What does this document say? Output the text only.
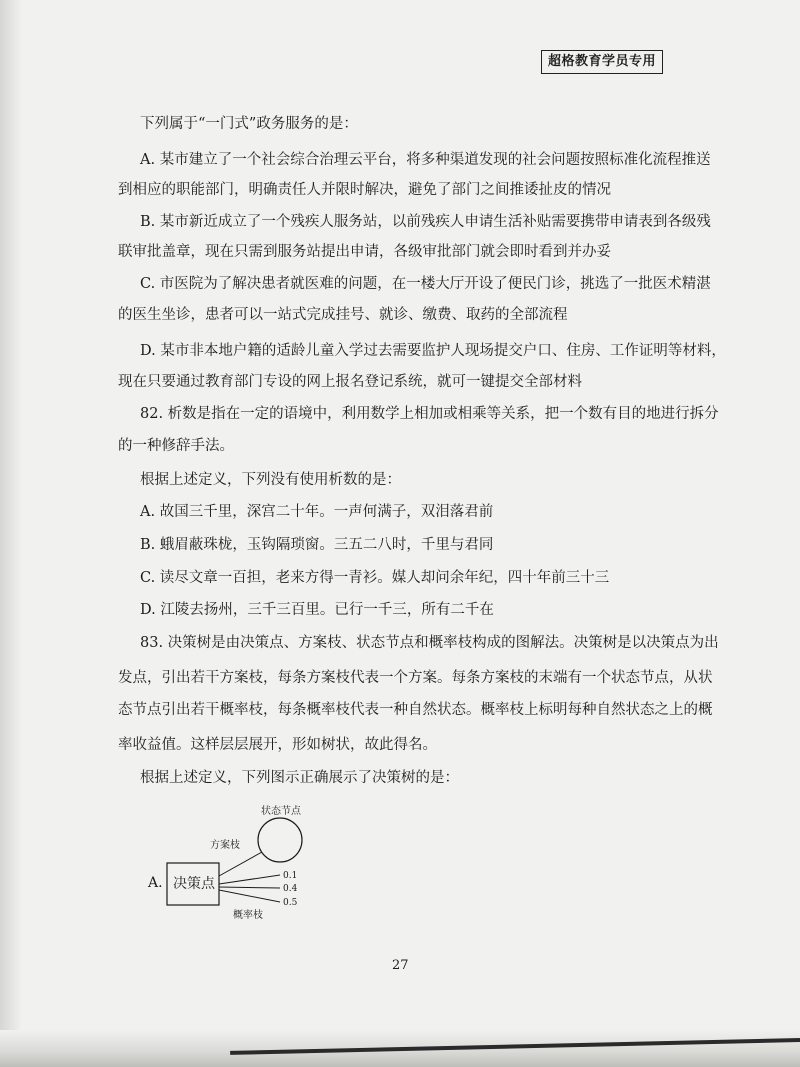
超格教育学员专用
下列属于“一门式”政务服务的是：
A. 某市建立了一个社会综合治理云平台，将多种渠道发现的社会问题按照标准化流程推送
到相应的职能部门，明确责任人并限时解决，避免了部门之间推诿扯皮的情况
B. 某市新近成立了一个残疾人服务站，以前残疾人申请生活补贴需要携带申请表到各级残
联审批盖章，现在只需到服务站提出申请，各级审批部门就会即时看到并办妥
C. 市医院为了解决患者就医难的问题，在一楼大厅开设了便民门诊，挑选了一批医术精湛
的医生坐诊，患者可以一站式完成挂号、就诊、缴费、取药的全部流程
D. 某市非本地户籍的适龄儿童入学过去需要监护人现场提交户口、住房、工作证明等材料，
现在只要通过教育部门专设的网上报名登记系统，就可一键提交全部材料
82. 析数是指在一定的语境中，利用数学上相加或相乘等关系，把一个数有目的地进行拆分
的一种修辞手法。
根据上述定义，下列没有使用析数的是：
A. 故国三千里，深宫二十年。一声何满子，双泪落君前
B. 蛾眉蔽珠栊，玉钩隔琐窗。三五二八时，千里与君同
C. 读尽文章一百担，老来方得一青衫。媒人却问余年纪，四十年前三十三
D. 江陵去扬州，三千三百里。已行一千三，所有二千在
83. 决策树是由决策点、方案枝、状态节点和概率枝构成的图解法。决策树是以决策点为出
发点，引出若干方案枝，每条方案枝代表一个方案。每条方案枝的末端有一个状态节点，从状
态节点引出若干概率枝，每条概率枝代表一种自然状态。概率枝上标明每种自然状态之上的概
率收益值。这样层层展开，形如树状，故此得名。
根据上述定义，下列图示正确展示了决策树的是：
A. 决策点
状态节点
方案枝
0.1
0.4
0.5
概率枝
27
